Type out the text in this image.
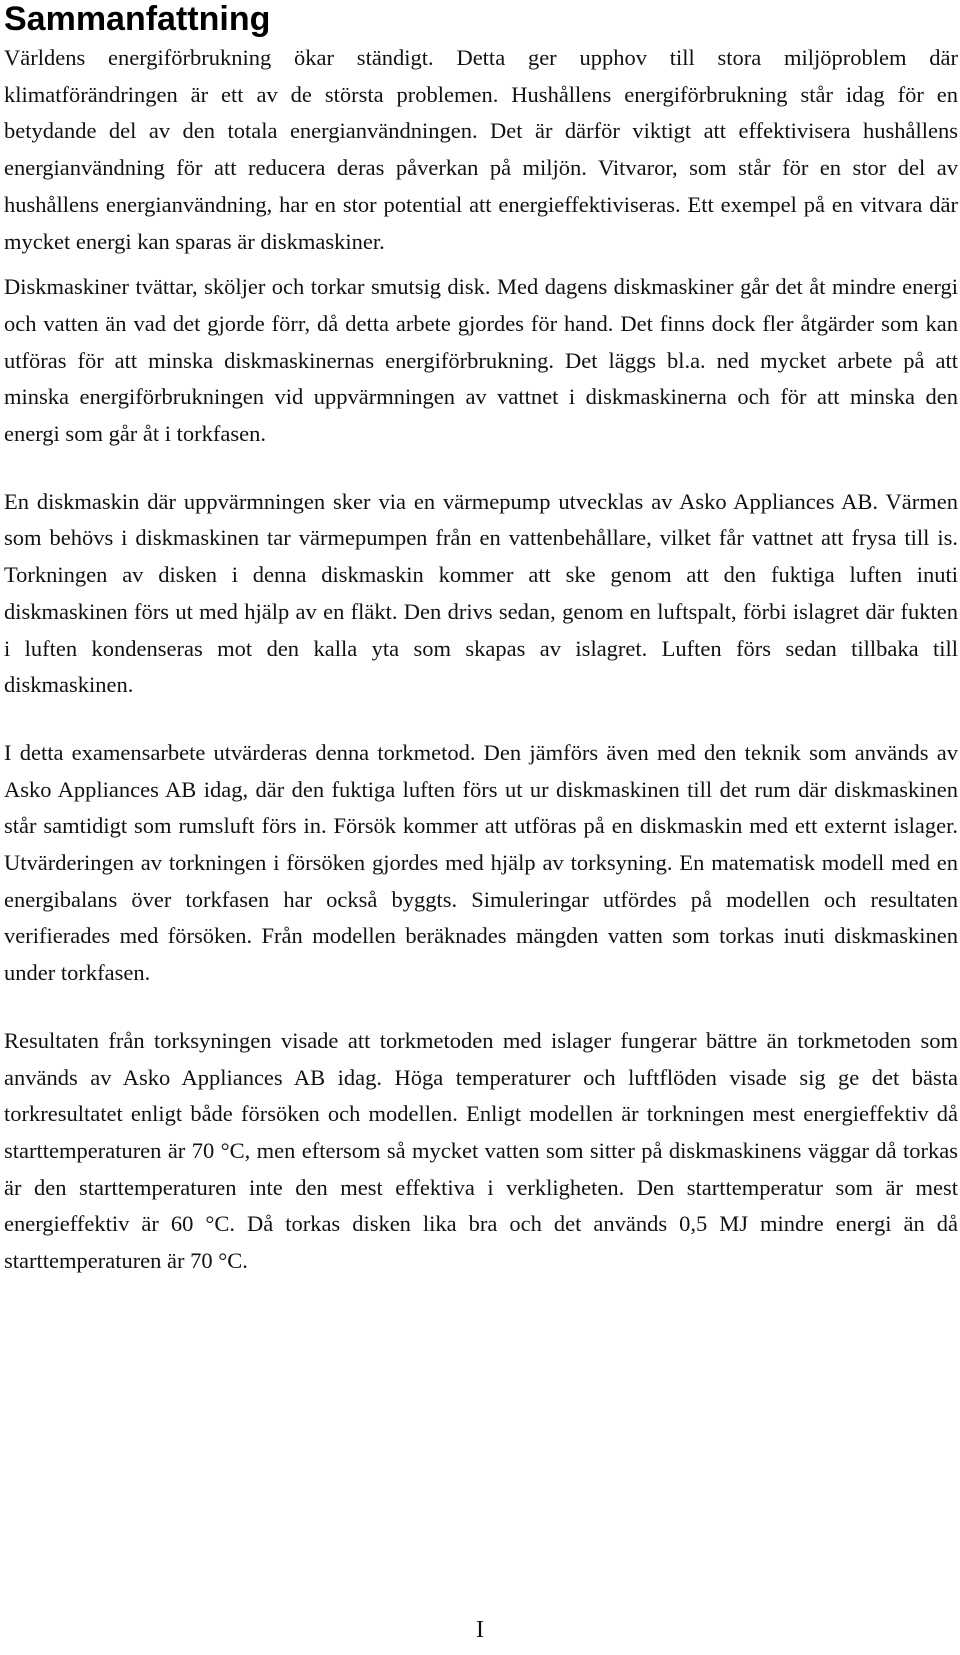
Sammanfattning

Världens energiförbrukning ökar ständigt. Detta ger upphov till stora miljöproblem där klimatförändringen är ett av de största problemen. Hushållens energiförbrukning står idag för en betydande del av den totala energianvändningen. Det är därför viktigt att effektivisera hushållens energianvändning för att reducera deras påverkan på miljön. Vitvaror, som står för en stor del av hushållens energianvändning, har en stor potential att energieffektiviseras. Ett exempel på en vitvara där mycket energi kan sparas är diskmaskiner.

Diskmaskiner tvättar, sköljer och torkar smutsig disk. Med dagens diskmaskiner går det åt mindre energi och vatten än vad det gjorde förr, då detta arbete gjordes för hand. Det finns dock fler åtgärder som kan utföras för att minska diskmaskinernas energiförbrukning. Det läggs bl.a. ned mycket arbete på att minska energiförbrukningen vid uppvärmningen av vattnet i diskmaskinerna och för att minska den energi som går åt i torkfasen.

En diskmaskin där uppvärmningen sker via en värmepump utvecklas av Asko Appliances AB. Värmen som behövs i diskmaskinen tar värmepumpen från en vattenbehållare, vilket får vattnet att frysa till is. Torkningen av disken i denna diskmaskin kommer att ske genom att den fuktiga luften inuti diskmaskinen förs ut med hjälp av en fläkt. Den drivs sedan, genom en luftspalt, förbi islagret där fukten i luften kondenseras mot den kalla yta som skapas av islagret. Luften förs sedan tillbaka till diskmaskinen.

I detta examensarbete utvärderas denna torkmetod. Den jämförs även med den teknik som används av Asko Appliances AB idag, där den fuktiga luften förs ut ur diskmaskinen till det rum där diskmaskinen står samtidigt som rumsluft förs in. Försök kommer att utföras på en diskmaskin med ett externt islager. Utvärderingen av torkningen i försöken gjordes med hjälp av torksyning. En matematisk modell med en energibalans över torkfasen har också byggts. Simuleringar utfördes på modellen och resultaten verifierades med försöken. Från modellen beräknades mängden vatten som torkas inuti diskmaskinen under torkfasen.

Resultaten från torksyningen visade att torkmetoden med islager fungerar bättre än torkmetoden som används av Asko Appliances AB idag. Höga temperaturer och luftflöden visade sig ge det bästa torkresultatet enligt både försöken och modellen. Enligt modellen är torkningen mest energieffektiv då starttemperaturen är 70 °C, men eftersom så mycket vatten som sitter på diskmaskinens väggar då torkas är den starttemperaturen inte den mest effektiva i verkligheten. Den starttemperatur som är mest energieffektiv är 60 °C. Då torkas disken lika bra och det används 0,5 MJ mindre energi än då starttemperaturen är 70 °C.

I
